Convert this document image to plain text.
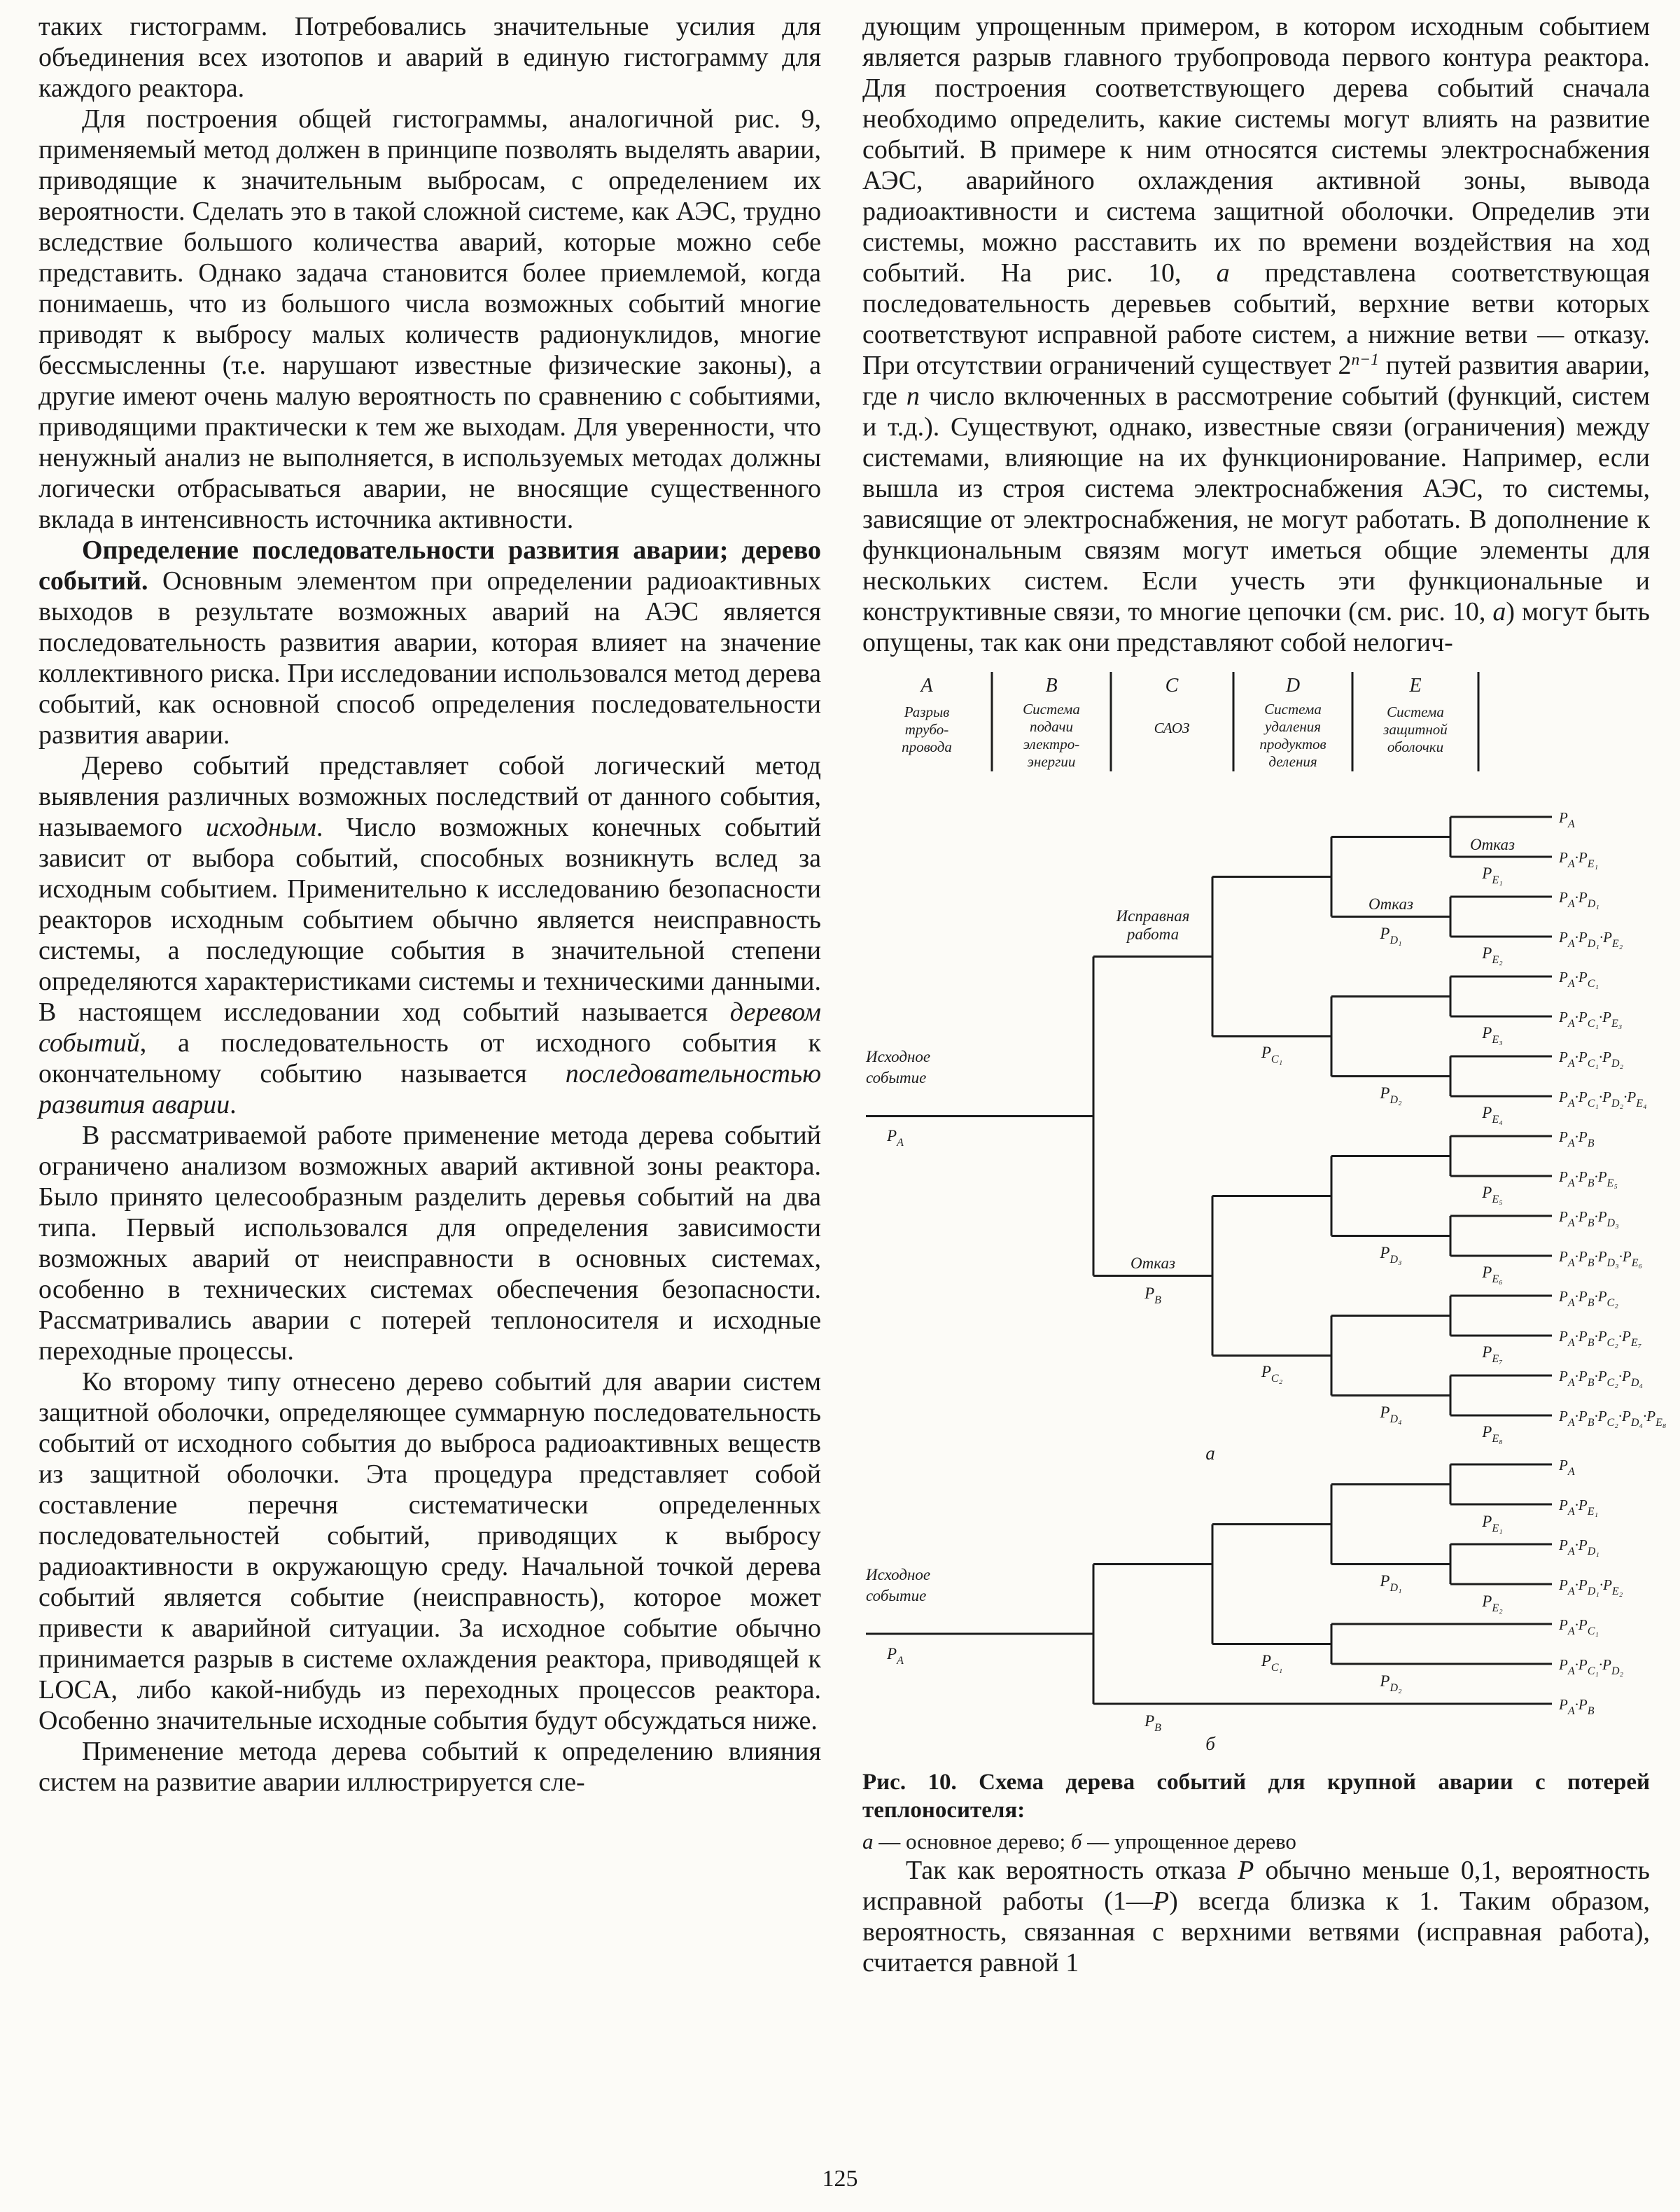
таких гистограмм. Потребовались значительные усилия для объединения всех изотопов и аварий в единую гистограмму для каждого реактора.

Для построения общей гистограммы, аналогичной рис. 9, применяемый метод должен в принципе позволять выделять аварии, приводящие к значительным выбросам, с определением их вероятности. Сделать это в такой сложной системе, как АЭС, трудно вследствие большого количества аварий, которые можно себе представить. Однако задача становится более приемлемой, когда понимаешь, что из большого числа возможных событий многие приводят к выбросу малых количеств радионуклидов, многие бессмысленны (т.е. нарушают известные физические законы), а другие имеют очень малую вероятность по сравнению с событиями, приводящими практически к тем же выходам. Для уверенности, что ненужный анализ не выполняется, в используемых методах должны логически отбрасываться аварии, не вносящие существенного вклада в интенсивность источника активности.

Определение последовательности развития аварии; дерево событий. Основным элементом при определении радиоактивных выходов в результате возможных аварий на АЭС является последовательность развития аварии, которая влияет на значение коллективного риска. При исследовании использовался метод дерева событий, как основной способ определения последовательности развития аварии.

Дерево событий представляет собой логический метод выявления различных возможных последствий от данного события, называемого исходным. Число возможных конечных событий зависит от выбора событий, способных возникнуть вслед за исходным событием. Применительно к исследованию безопасности реакторов исходным событием обычно является неисправность системы, а последующие события в значительной степени определяются характеристиками системы и техническими данными. В настоящем исследовании ход событий называется деревом событий, а последовательность от исходного события к окончательному событию называется последовательностью развития аварии.

В рассматриваемой работе применение метода дерева событий ограничено анализом возможных аварий активной зоны реактора. Было принято целесообразным разделить деревья событий на два типа. Первый использовался для определения зависимости возможных аварий от неисправности в основных системах, особенно в технических системах обеспечения безопасности. Рассматривались аварии с потерей теплоносителя и исходные переходные процессы.

Ко второму типу отнесено дерево событий для аварии систем защитной оболочки, определяющее суммарную последовательность событий от исходного события до выброса радиоактивных веществ из защитной оболочки. Эта процедура представляет собой составление перечня систематически определенных последовательностей событий, приводящих к выбросу радиоактивности в окружающую среду. Начальной точкой дерева событий является событие (неисправность), которое может привести к аварийной ситуации. За исходное событие обычно принимается разрыв в системе охлаждения реактора, приводящей к LOCA, либо какой-нибудь из переходных процессов реактора. Особенно значительные исходные события будут обсуждаться ниже.

Применение метода дерева событий к определению влияния систем на развитие аварии иллюстрируется сле-

дующим упрощенным примером, в котором исходным событием является разрыв главного трубопровода первого контура реактора. Для построения соответствующего дерева событий сначала необходимо определить, какие системы могут влиять на развитие событий. В примере к ним относятся системы электроснабжения АЭС, аварийного охлаждения активной зоны, вывода радиоактивности и система защитной оболочки. Определив эти системы, можно расставить их по времени воздействия на ход событий. На рис. 10, а представлена соответствующая последовательность деревьев событий, верхние ветви которых соответствуют исправной работе систем, а нижние ветви — отказу. При отсутствии ограничений существует $2^{n-1}$ путей развития аварии, где n число включенных в рассмотрение событий (функций, систем и т.д.). Существуют, однако, известные связи (ограничения) между системами, влияющие на их функционирование. Например, если вышла из строя система электроснабжения АЭС, то системы, зависящие от электроснабжения, не могут работать. В дополнение к функциональным связям могут иметься общие элементы для нескольких систем. Если учесть эти функциональные и конструктивные связи, то многие цепочки (см. рис. 10, а) могут быть опущены, так как они представляют собой нелогич-

A	B	C	D	E
Разрыв
трубо-
провода
Система
подачи
электро-
энергии
САОЗ
Система
удаления
продуктов
деления
Система
защитной
оболочки
Исходное
событие
$P_A$
Исправная
работа
Отказ
$P_B$
$P_{C_1}$
$P_{C_2}$
Отказ
$P_{D_1}$
$P_{D_2}$
$P_{D_3}$
$P_{D_4}$
Отказ
$P_{E_1}$
$P_{E_2}$
$P_{E_3}$
$P_{E_4}$
$P_{E_5}$
$P_{E_6}$
$P_{E_7}$
$P_{E_8}$
$P_A$
$P_A\cdot P_{E_1}$
$P_A\cdot P_{D_1}$
$P_A\cdot P_{D_1}\cdot P_{E_2}$
$P_A\cdot P_{C_1}$
$P_A\cdot P_{C_1}\cdot P_{E_3}$
$P_A\cdot P_{C_1}\cdot P_{D_2}$
$P_A\cdot P_{C_1}\cdot P_{D_2}\cdot P_{E_4}$
$P_A\cdot P_B$
$P_A\cdot P_B\cdot P_{E_5}$
$P_A\cdot P_B\cdot P_{D_3}$
$P_A\cdot P_B\cdot P_{D_3}\cdot P_{E_6}$
$P_A\cdot P_B\cdot P_{C_2}$
$P_A\cdot P_B\cdot P_{C_2}\cdot P_{E_7}$
$P_A\cdot P_B\cdot P_{C_2}\cdot P_{D_4}$
$P_A\cdot P_B\cdot P_{C_2}\cdot P_{D_4}\cdot P_{E_8}$
а
Исходное
событие
$P_A$
$P_B$
$P_{C_1}$
$P_{D_1}$
$P_{D_2}$
$P_{E_1}$
$P_{E_2}$
$P_A$
$P_A\cdot P_{E_1}$
$P_A\cdot P_{D_1}$
$P_A\cdot P_{D_1}\cdot P_{E_2}$
$P_A\cdot P_{C_1}$
$P_A\cdot P_{C_1}\cdot P_{D_2}$
$P_A\cdot P_B$
б

Рис. 10. Схема дерева событий для крупной аварии с потерей теплоносителя:

а — основное дерево; б — упрощенное дерево

Так как вероятность отказа P обычно меньше 0,1, вероятность исправной работы (1—P) всегда близка к 1. Таким образом, вероятность, связанная с верхними ветвями (исправная работа), считается равной 1

125
